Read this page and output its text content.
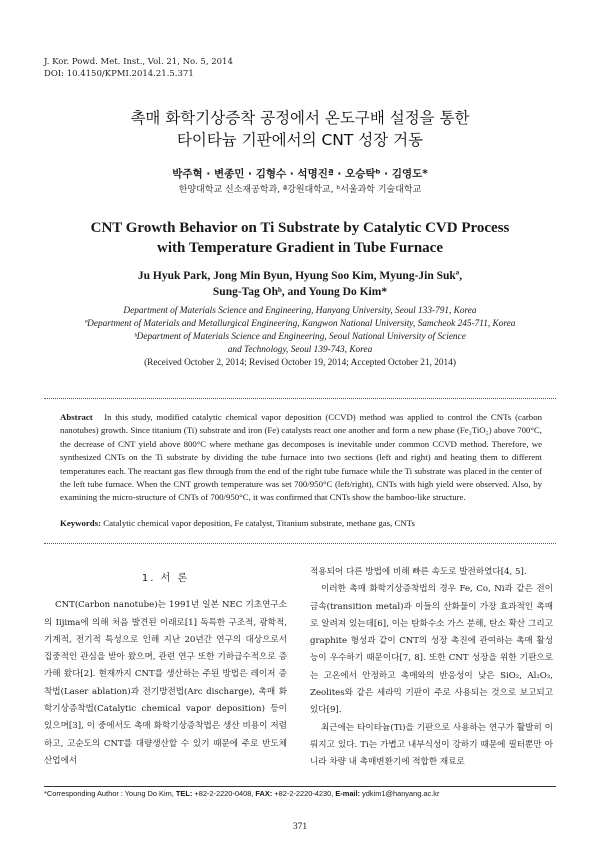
J. Kor. Powd. Met. Inst., Vol. 21, No. 5, 2014
DOI: 10.4150/KPMI.2014.21.5.371
촉매 화학기상증착 공정에서 온도구배 설정을 통한
타이타늄 기판에서의 CNT 성장 거동
박주혁 · 변종민 · 김형수 · 석명진ª · 오승탁ᵇ · 김영도*
한양대학교 신소재공학과, ª강원대학교, ᵇ서울과학 기술대학교
CNT Growth Behavior on Ti Substrate by Catalytic CVD Process
with Temperature Gradient in Tube Furnace
Ju Hyuk Park, Jong Min Byun, Hyung Soo Kim, Myung-Jin Sukª,
Sung-Tag Ohᵇ, and Young Do Kim*
Department of Materials Science and Engineering, Hanyang University, Seoul 133-791, Korea
ªDepartment of Materials and Metallurgical Engineering, Kangwon National University, Samcheok 245-711, Korea
ᵇDepartment of Materials Science and Engineering, Seoul National University of Science
and Technology, Seoul 139-743, Korea
(Received October 2, 2014; Revised October 19, 2014; Accepted October 21, 2014)
Abstract In this study, modified catalytic chemical vapor deposition (CCVD) method was applied to control the CNTs (carbon nanotubes) growth. Since titanium (Ti) substrate and iron (Fe) catalysts react one another and form a new phase (Fe₂TiO₅) above 700°C, the decrease of CNT yield above 800°C where methane gas decomposes is inevitable under common CCVD method. Therefore, we synthesized CNTs on the Ti substrate by dividing the tube furnace into two sections (left and right) and heating them to different temperatures each. The reactant gas flew through from the end of the right tube furnace while the Ti substrate was placed in the center of the left tube furnace. When the CNT growth temperature was set 700/950°C (left/right), CNTs with high yield were observed. Also, by examining the micro-structure of CNTs of 700/950°C, it was confirmed that CNTs show the bamboo-like structure.
Keywords: Catalytic chemical vapor deposition, Fe catalyst, Titanium substrate, methane gas, CNTs
1. 서 론

CNT(Carbon nanotube)는 1991년 일본 NEC 기초연구소의 Iijima에 의해 처음 발견된 이래로[1] 독특한 구조적, 광학적, 기계적, 전기적 특성으로 인해 지난 20년간 연구의 대상으로서 집중적인 관심을 받아 왔으며, 관련 연구 또한 기하급수적으로 증가해 왔다[2]. 현재까지 CNT를 생산하는 주된 방법은 레이저 증착법(Laser ablation)과 전기방전법(Arc discharge), 촉매 화학기상증착법(Catalytic chemical vapor deposition) 등이 있으며[3], 이 중에서도 촉매 화학기상증착법은 생산 비용이 저렴하고, 고순도의 CNT를 대량생산할 수 있기 때문에 주로 반도체 산업에서

적용되어 다른 방법에 비해 빠른 속도로 발전하였다[4, 5].

이러한 촉매 화학기상증착법의 경우 Fe, Co, Ni과 같은 전이금속(transition metal)과 이들의 산화물이 가장 효과적인 촉매로 알려져 있는데[6], 이는 탄화수소 가스 분해, 탄소 확산 그리고 graphite 형성과 같이 CNT의 성장 촉진에 관여하는 촉매 활성능이 우수하기 때문이다[7, 8]. 또한 CNT 성장을 위한 기판으로는 고온에서 안정하고 촉매와의 반응성이 낮은 SiO₂, Al₂O₃, Zeolites와 같은 세라믹 기판이 주로 사용되는 것으로 보고되고 있다[9].

최근에는 타이타늄(Ti)을 기판으로 사용하는 연구가 활발히 이뤄지고 있다. Ti는 가볍고 내부식성이 강하기 때문에 필터뿐만 아니라 차량 내 촉매변환기에 적합한 재료로

*Corresponding Author : Young Do Kim, TEL: +82-2-2220-0408, FAX: +82-2-2220-4230, E-mail: ydkim1@hanyang.ac.kr
371
